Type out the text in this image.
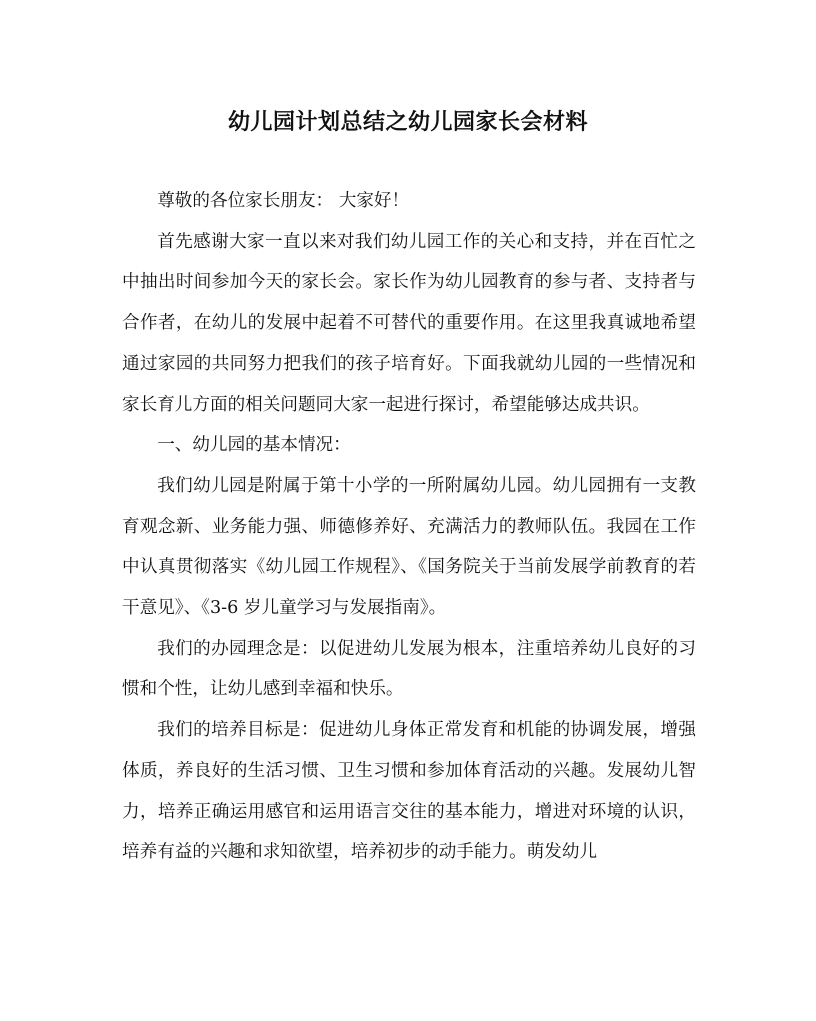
幼儿园计划总结之幼儿园家长会材料

尊敬的各位家长朋友： 大家好！

首先感谢大家一直以来对我们幼儿园工作的关心和支持，并在百忙之中抽出时间参加今天的家长会。家长作为幼儿园教育的参与者、支持者与合作者，在幼儿的发展中起着不可替代的重要作用。在这里我真诚地希望通过家园的共同努力把我们的孩子培育好。下面我就幼儿园的一些情况和家长育儿方面的相关问题同大家一起进行探讨，希望能够达成共识。

一、幼儿园的基本情况：

我们幼儿园是附属于第十小学的一所附属幼儿园。幼儿园拥有一支教育观念新、业务能力强、师德修养好、充满活力的教师队伍。我园在工作中认真贯彻落实《幼儿园工作规程》、《国务院关于当前发展学前教育的若干意见》、《3-6 岁儿童学习与发展指南》。

我们的办园理念是：以促进幼儿发展为根本，注重培养幼儿良好的习惯和个性，让幼儿感到幸福和快乐。

我们的培养目标是：促进幼儿身体正常发育和机能的协调发展，增强体质，养良好的生活习惯、卫生习惯和参加体育活动的兴趣。发展幼儿智力，培养正确运用感官和运用语言交往的基本能力，增进对环境的认识，培养有益的兴趣和求知欲望，培养初步的动手能力。萌发幼儿
